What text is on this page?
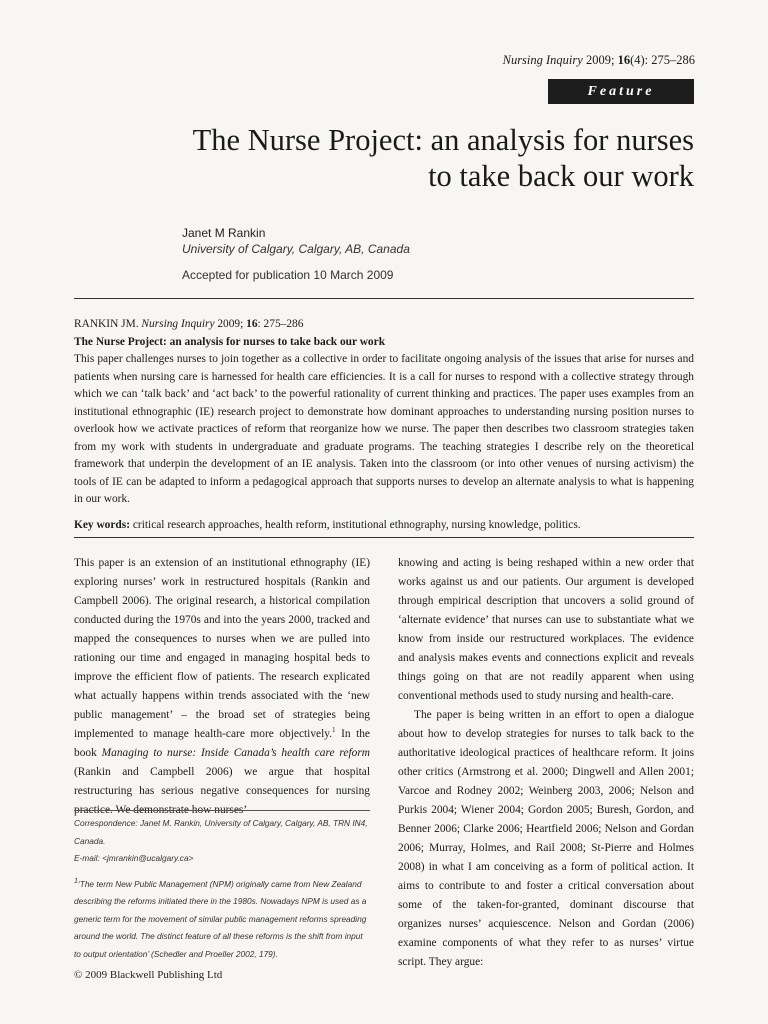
Nursing Inquiry 2009; 16(4): 275–286
Feature
The Nurse Project: an analysis for nurses to take back our work
Janet M Rankin
University of Calgary, Calgary, AB, Canada
Accepted for publication 10 March 2009

RANKIN JM. Nursing Inquiry 2009; 16: 275–286

The Nurse Project: an analysis for nurses to take back our work

This paper challenges nurses to join together as a collective in order to facilitate ongoing analysis of the issues that arise for nurses and patients when nursing care is harnessed for health care efficiencies. It is a call for nurses to respond with a collective strategy through which we can ‘talk back’ and ‘act back’ to the powerful rationality of current thinking and practices. The paper uses examples from an institutional ethnographic (IE) research project to demonstrate how dominant approaches to understanding nursing position nurses to overlook how we activate practices of reform that reorganize how we nurse. The paper then describes two classroom strategies taken from my work with students in undergraduate and graduate programs. The teaching strategies I describe rely on the theoretical framework that underpin the development of an IE analysis. Taken into the classroom (or into other venues of nursing activism) the tools of IE can be adapted to inform a pedagogical approach that supports nurses to develop an alternate analysis to what is happening in our work.

Key words: critical research approaches, health reform, institutional ethnography, nursing knowledge, politics.

This paper is an extension of an institutional ethnography (IE) exploring nurses’ work in restructured hospitals (Rankin and Campbell 2006). The original research, a historical compilation conducted during the 1970s and into the years 2000, tracked and mapped the consequences to nurses when we are pulled into rationing our time and engaged in managing hospital beds to improve the efficient flow of patients. The research explicated what actually happens within trends associated with the ‘new public management’ – the broad set of strategies being implemented to manage health-care more objectively.$^1$ In the book Managing to nurse: Inside Canada’s health care reform (Rankin and Campbell 2006) we argue that hospital restructuring has serious negative consequences for nursing practice. We demonstrate how nurses’

Correspondence: Janet M. Rankin, University of Calgary, Calgary, AB, TRN IN4, Canada.

E-mail: <jmrankin@ucalgary.ca>

$^1$‘The term New Public Management (NPM) originally came from New Zealand describing the reforms initiated there in the 1980s. Nowadays NPM is used as a generic term for the movement of similar public management reforms spreading around the world. The distinct feature of all these reforms is the shift from input to output orientation’ (Schedler and Proeller 2002, 179).

knowing and acting is being reshaped within a new order that works against us and our patients. Our argument is developed through empirical description that uncovers a solid ground of ‘alternate evidence’ that nurses can use to substantiate what we know from inside our restructured workplaces. The evidence and analysis makes events and connections explicit and reveals things going on that are not readily apparent when using conventional methods used to study nursing and health-care.

The paper is being written in an effort to open a dialogue about how to develop strategies for nurses to talk back to the authoritative ideological practices of healthcare reform. It joins other critics (Armstrong et al. 2000; Dingwell and Allen 2001; Varcoe and Rodney 2002; Weinberg 2003, 2006; Nelson and Purkis 2004; Wiener 2004; Gordon 2005; Buresh, Gordon, and Benner 2006; Clarke 2006; Heartfield 2006; Nelson and Gordan 2006; Murray, Holmes, and Rail 2008; St-Pierre and Holmes 2008) in what I am conceiving as a form of political action. It aims to contribute to and foster a critical conversation about some of the taken-for-granted, dominant discourse that organizes nurses’ acquiescence. Nelson and Gordan (2006) examine components of what they refer to as nurses’ virtue script. They argue:

© 2009 Blackwell Publishing Ltd
